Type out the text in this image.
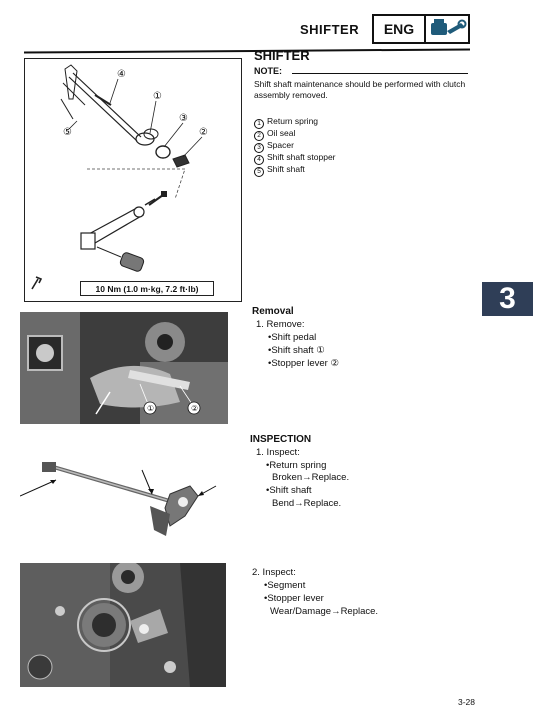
SHIFTER	ENG
④
①
③
②
⑤
10 Nm (1.0 m·kg, 7.2 ft·lb)
SHIFTER
NOTE:
Shift shaft maintenance should be performed with clutch assembly removed.
1 Return spring
2 Oil seal
3 Spacer
4 Shift shaft stopper
5 Shift shaft
3
①	②
Removal
1. Remove:
•Shift pedal
•Shift shaft ①
•Stopper lever ②
INSPECTION
1. Inspect:
•Return spring
Broken→Replace.
•Shift shaft
Bend→Replace.
2. Inspect:
•Segment
•Stopper lever
Wear/Damage→Replace.
3-28
